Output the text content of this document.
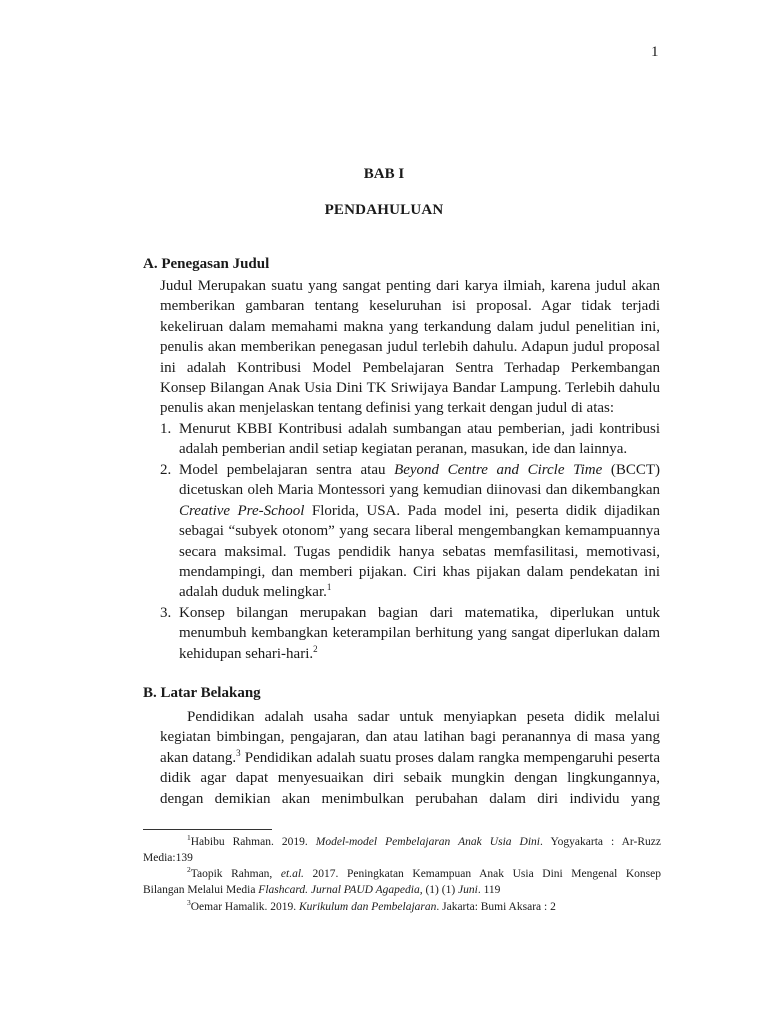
1
BAB I
PENDAHULUAN
A. Penegasan Judul
Judul Merupakan suatu yang sangat penting dari karya ilmiah, karena judul akan
memberikan gambaran tentang keseluruhan isi proposal. Agar tidak terjadi
kekeliruan dalam memahami makna yang terkandung dalam judul penelitian ini,
penulis akan memberikan penegasan judul terlebih dahulu. Adapun judul proposal
ini adalah Kontribusi Model Pembelajaran Sentra Terhadap Perkembangan
Konsep Bilangan Anak Usia Dini TK Sriwijaya Bandar Lampung. Terlebih dahulu
penulis akan menjelaskan tentang definisi yang terkait dengan judul di atas:
1. Menurut KBBI Kontribusi adalah sumbangan atau pemberian, jadi kontribusi
adalah pemberian andil setiap kegiatan peranan, masukan, ide dan lainnya.
2. Model pembelajaran sentra atau Beyond Centre and Circle Time (BCCT)
dicetuskan oleh Maria Montessori yang kemudian diinovasi dan dikembangkan
Creative Pre-School Florida, USA. Pada model ini, peserta didik dijadikan
sebagai “subyek otonom” yang secara liberal mengembangkan kemampuannya
secara maksimal. Tugas pendidik hanya sebatas memfasilitasi, memotivasi,
mendampingi, dan memberi pijakan. Ciri khas pijakan dalam pendekatan ini
adalah duduk melingkar.$^1$
3. Konsep bilangan merupakan bagian dari matematika, diperlukan untuk
menumbuh kembangkan keterampilan berhitung yang sangat diperlukan dalam
kehidupan sehari-hari.$^2$
B. Latar Belakang
Pendidikan adalah usaha sadar untuk menyiapkan peseta didik melalui
kegiatan bimbingan, pengajaran, dan atau latihan bagi peranannya di masa yang
akan datang.$^3$ Pendidikan adalah suatu proses dalam rangka mempengaruhi peserta
didik agar dapat menyesuaikan diri sebaik mungkin dengan lingkungannya,
dengan demikian akan menimbulkan perubahan dalam diri individu yang
$^1$Habibu Rahman. 2019. Model-model Pembelajaran Anak Usia Dini. Yogyakarta : Ar-Ruzz
Media:139
$^2$Taopik Rahman, et.al. 2017. Peningkatan Kemampuan Anak Usia Dini Mengenal Konsep
Bilangan Melalui Media Flashcard. Jurnal PAUD Agapedia, (1) (1) Juni. 119
$^3$Oemar Hamalik. 2019. Kurikulum dan Pembelajaran. Jakarta: Bumi Aksara : 2
